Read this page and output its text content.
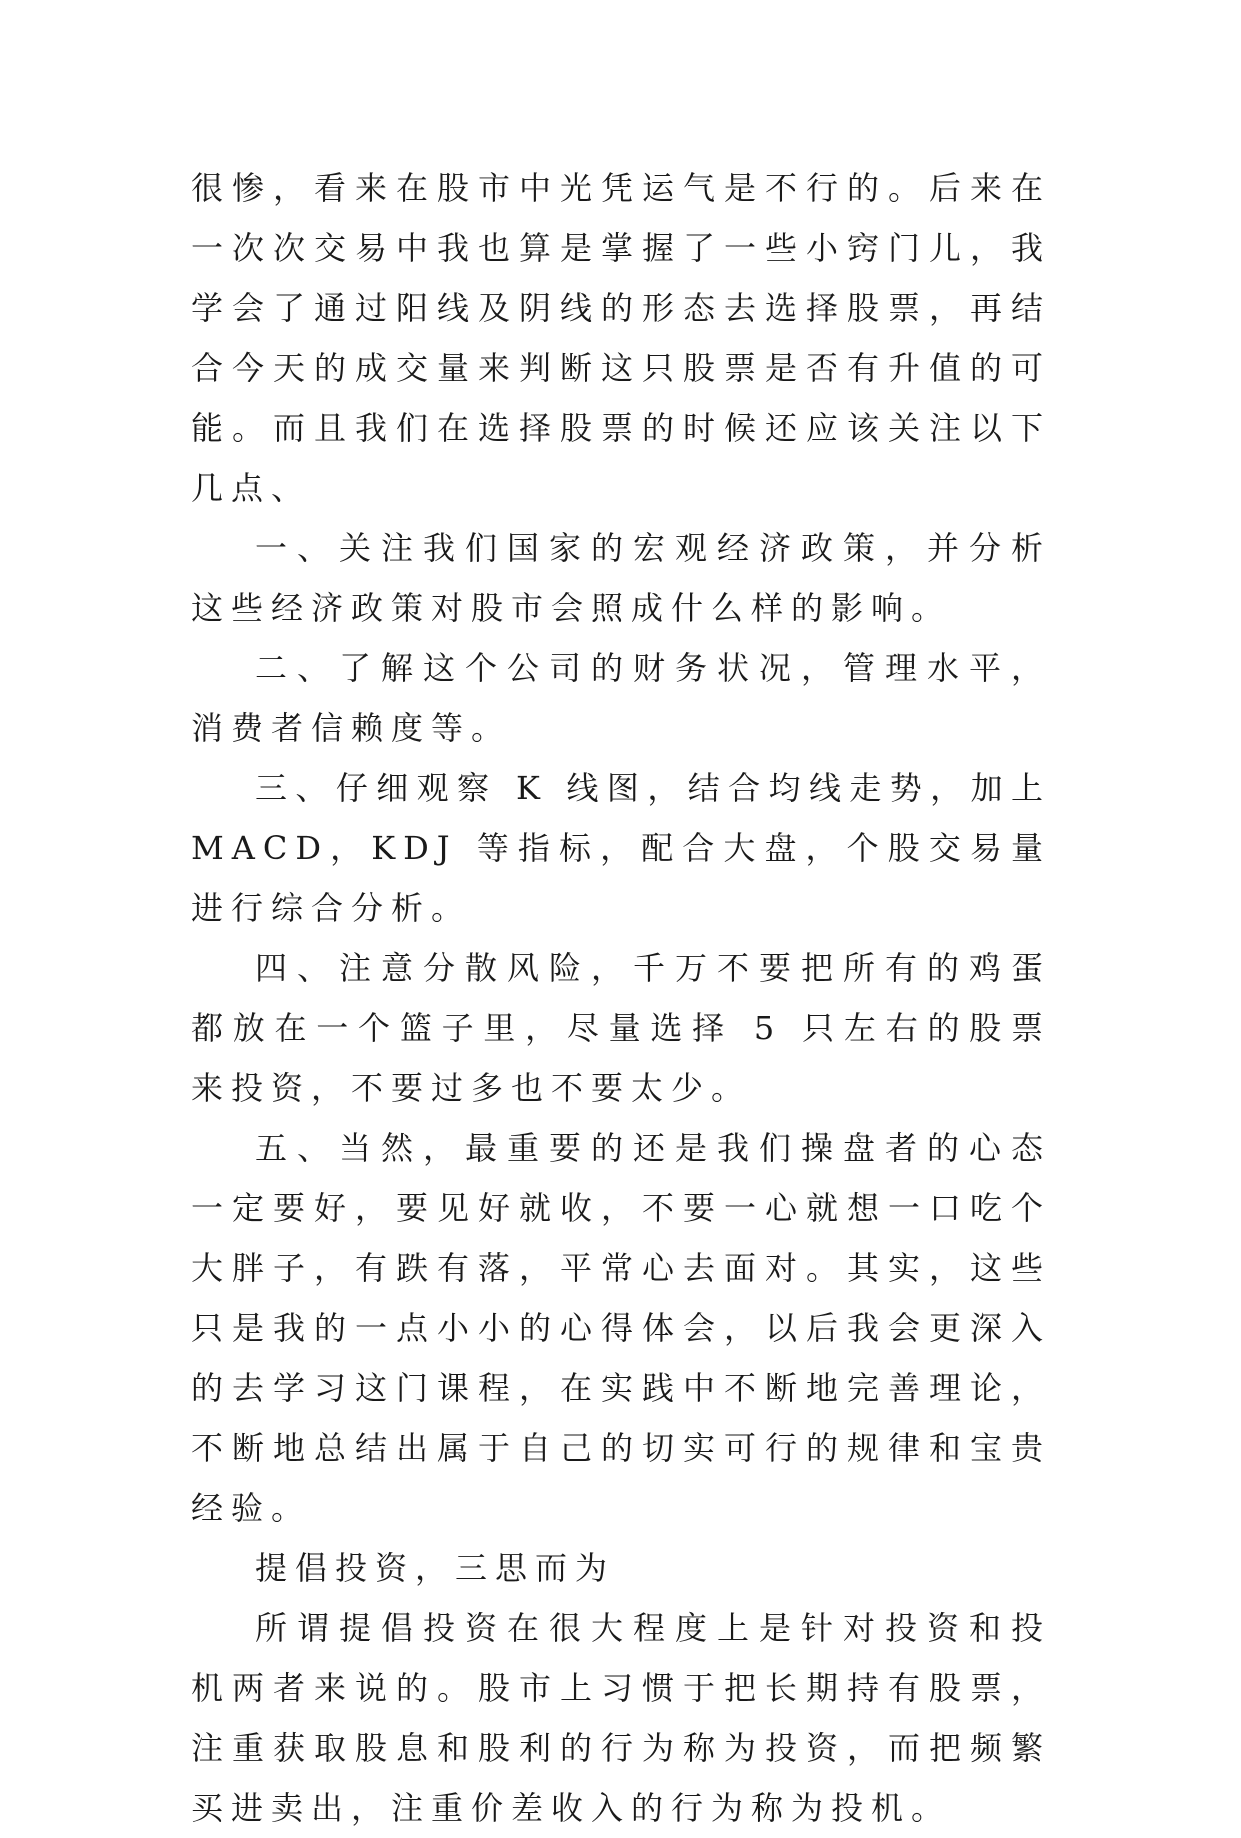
很惨，看来在股市中光凭运气是不行的。后来在一次次交易中我也算是掌握了一些小窍门儿，我学会了通过阳线及阴线的形态去选择股票，再结合今天的成交量来判断这只股票是否有升值的可能。而且我们在选择股票的时候还应该关注以下几点、

一、关注我们国家的宏观经济政策，并分析这些经济政策对股市会照成什么样的影响。

二、了解这个公司的财务状况，管理水平，消费者信赖度等。

三、仔细观察 K 线图，结合均线走势，加上 MACD，KDJ 等指标，配合大盘，个股交易量进行综合分析。

四、注意分散风险，千万不要把所有的鸡蛋都放在一个篮子里，尽量选择 5 只左右的股票来投资，不要过多也不要太少。

五、当然，最重要的还是我们操盘者的心态一定要好，要见好就收，不要一心就想一口吃个大胖子，有跌有落，平常心去面对。其实，这些只是我的一点小小的心得体会，以后我会更深入的去学习这门课程，在实践中不断地完善理论，不断地总结出属于自己的切实可行的规律和宝贵经验。

提倡投资，三思而为

所谓提倡投资在很大程度上是针对投资和投机两者来说的。股市上习惯于把长期持有股票，注重获取股息和股利的行为称为投资，而把频繁买进卖出，注重价差收入的行为称为投机。
